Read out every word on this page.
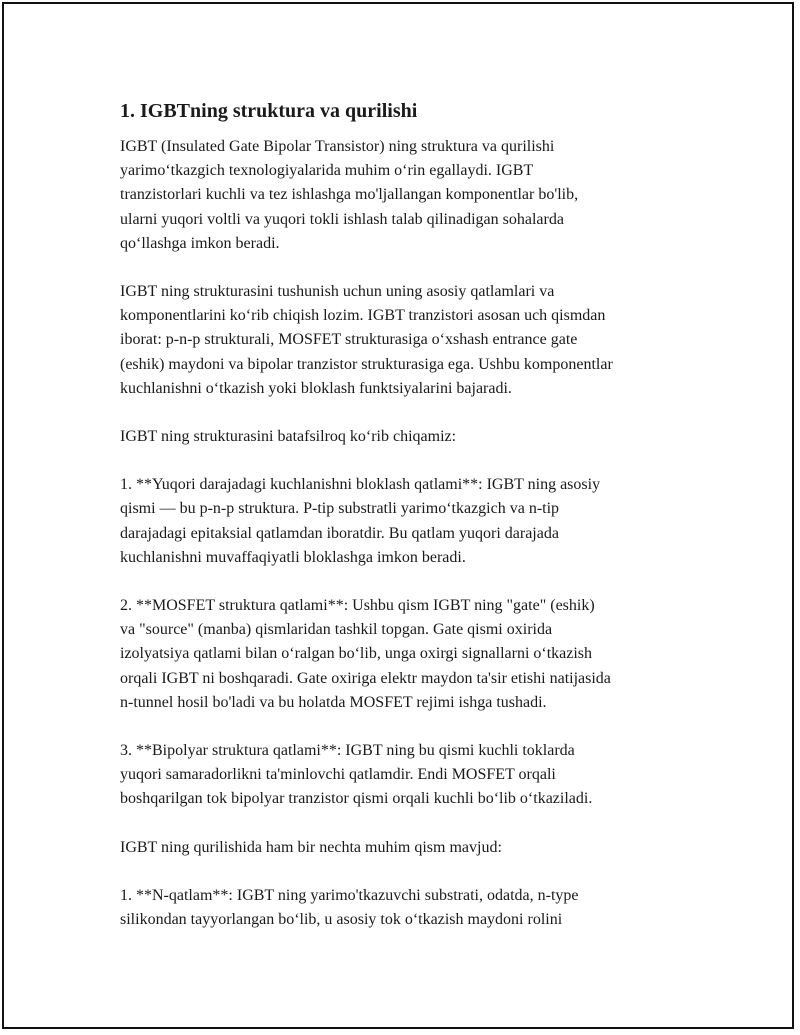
1. IGBTning struktura va qurilishi

IGBT (Insulated Gate Bipolar Transistor) ning struktura va qurilishi
yarimoʻtkazgich texnologiyalarida muhim oʻrin egallaydi. IGBT
tranzistorlari kuchli va tez ishlashga mo'ljallangan komponentlar bo'lib,
ularni yuqori voltli va yuqori tokli ishlash talab qilinadigan sohalarda
qoʻllashga imkon beradi.

IGBT ning strukturasini tushunish uchun uning asosiy qatlamlari va
komponentlarini koʻrib chiqish lozim. IGBT tranzistori asosan uch qismdan
iborat: p-n-p strukturali, MOSFET strukturasiga oʻxshash entrance gate
(eshik) maydoni va bipolar tranzistor strukturasiga ega. Ushbu komponentlar
kuchlanishni oʻtkazish yoki bloklash funktsiyalarini bajaradi.

IGBT ning strukturasini batafsilroq koʻrib chiqamiz:

1. **Yuqori darajadagi kuchlanishni bloklash qatlami**: IGBT ning asosiy
qismi — bu p-n-p struktura. P-tip substratli yarimoʻtkazgich va n-tip
darajadagi epitaksial qatlamdan iboratdir. Bu qatlam yuqori darajada
kuchlanishni muvaffaqiyatli bloklashga imkon beradi.

2. **MOSFET struktura qatlami**: Ushbu qism IGBT ning "gate" (eshik)
va "source" (manba) qismlaridan tashkil topgan. Gate qismi oxirida
izolyatsiya qatlami bilan oʻralgan boʻlib, unga oxirgi signallarni oʻtkazish
orqali IGBT ni boshqaradi. Gate oxiriga elektr maydon ta'sir etishi natijasida
n-tunnel hosil bo'ladi va bu holatda MOSFET rejimi ishga tushadi.

3. **Bipolyar struktura qatlami**: IGBT ning bu qismi kuchli toklarda
yuqori samaradorlikni ta'minlovchi qatlamdir. Endi MOSFET orqali
boshqarilgan tok bipolyar tranzistor qismi orqali kuchli boʻlib oʻtkaziladi.

IGBT ning qurilishida ham bir nechta muhim qism mavjud:

1. **N-qatlam**: IGBT ning yarimo'tkazuvchi substrati, odatda, n-type
silikondan tayyorlangan boʻlib, u asosiy tok oʻtkazish maydoni rolini
